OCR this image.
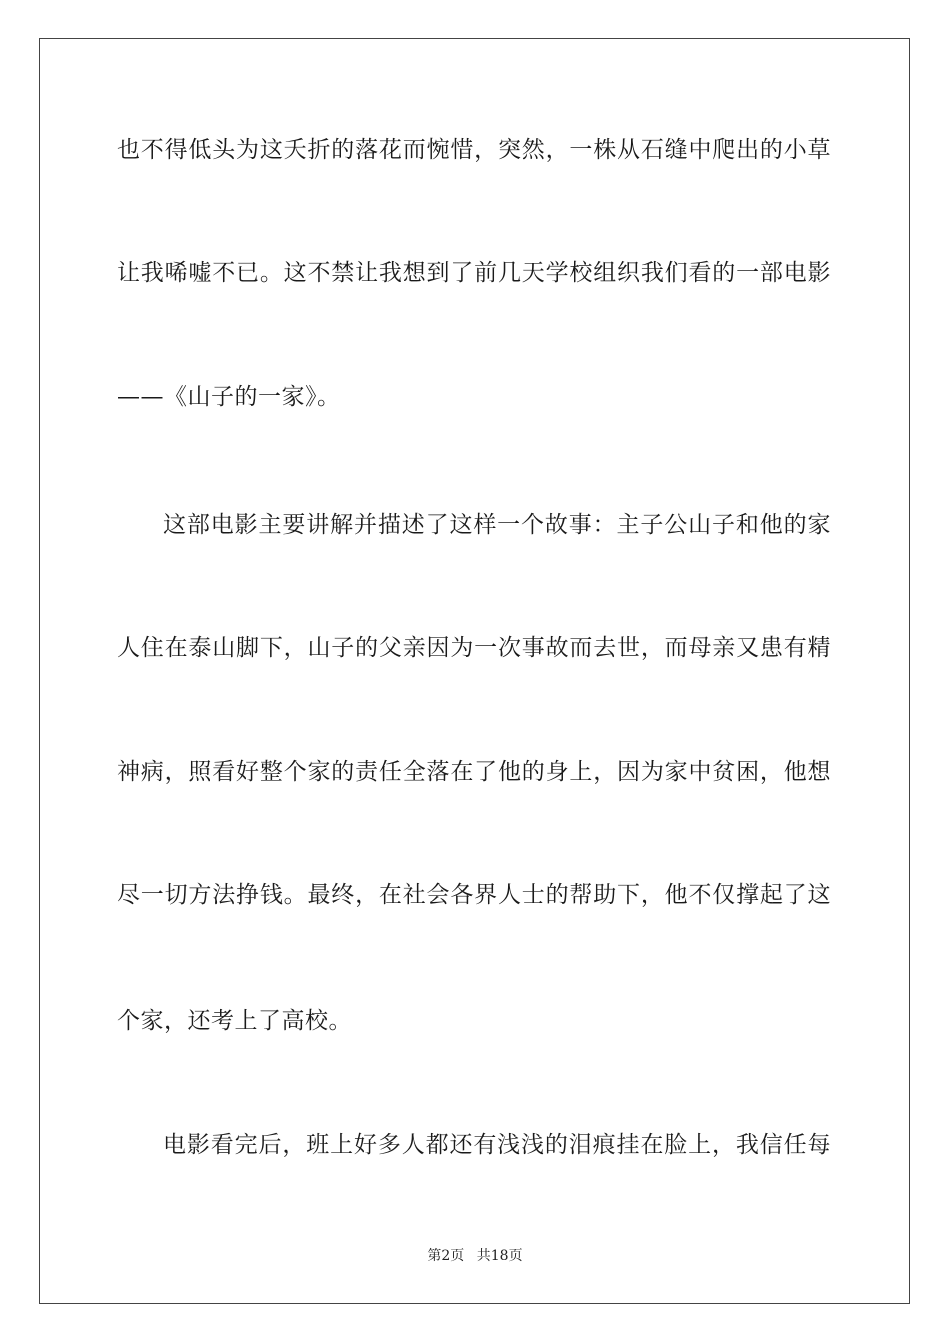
也不得低头为这夭折的落花而惋惜，突然，一株从石缝中爬出的小草
让我唏嘘不已。这不禁让我想到了前几天学校组织我们看的一部电影
——《山子的一家》。
这部电影主要讲解并描述了这样一个故事：主子公山子和他的家
人住在泰山脚下，山子的父亲因为一次事故而去世，而母亲又患有精
神病，照看好整个家的责任全落在了他的身上，因为家中贫困，他想
尽一切方法挣钱。最终，在社会各界人士的帮助下，他不仅撑起了这
个家，还考上了高校。
电影看完后，班上好多人都还有浅浅的泪痕挂在脸上，我信任每
第2页 共18页
